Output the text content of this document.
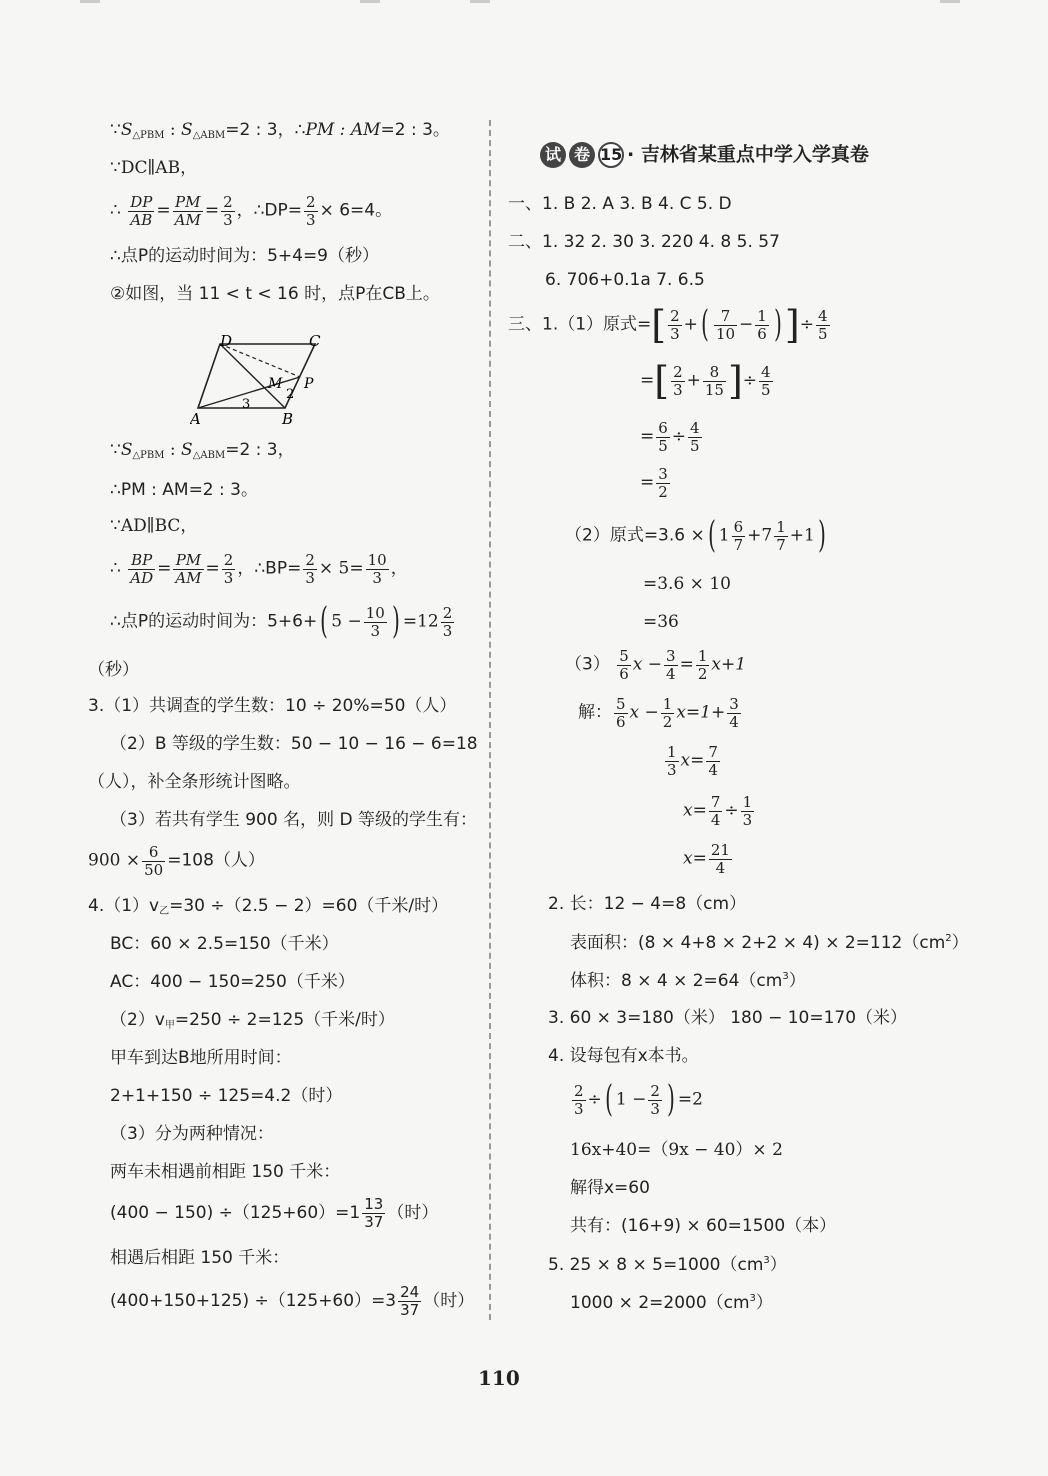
$\because S_{\triangle PBM}$ : $S_{\triangle ABM}=2$ : 3，∴PM : AM=2 : 3。
∵DC∥AB，
∴ $\frac{DP}{AB} = \frac{PM}{AM} = \frac{2}{3}$ ，∴DP= $\frac{2}{3} \times 6=4$。
∴点P的运动时间为：5+4=9（秒）
②如图，当 11 < t < 16 时，点P在CB上。
D	C
A	B
M P
2
3
$\because S_{\triangle PBM}$ : $S_{\triangle ABM}=2$ : 3，
∴PM : AM=2 : 3。
∵AD∥BC，
∴ $\frac{BP}{AD} = \frac{PM}{AM} = \frac{2}{3}$ ，∴BP= $\frac{2}{3} \times 5= \frac{10}{3}$ ，
∴点P的运动时间为：5+6+( $5 - \frac{10}{3}$ ) $=12 \frac{2}{3}$
（秒）
3.（1）共调查的学生数：10 ÷ 20%=50（人）
（2）B 等级的学生数：50 − 10 − 16 − 6=18
（人），补全条形统计图略。
（3）若共有学生 900 名，则 D 等级的学生有：
$900 \times \frac{6}{50} =108$（人）
$4.(1)v_乙=30 \div(2.5 - 2)=60$（千米/时）
BC：60 × 2.5=150（千米）
AC：400 − 150=250（千米）
$(2)v_甲=250 \div 2=125$（千米/时）
甲车到达B地所用时间：
2+1+150 ÷ 125=4.2（时）
（3）分为两种情况：
两车未相遇前相距 150 千米：
$(400 - 150) \div(125+60)=1 \frac{13}{37}$ （时）
相遇后相距 150 千米：
$(400+150+125) \div(125+60)=3 \frac{24}{37}$ （时）
试 卷 15 · 吉林省某重点中学入学真卷
一、1. B 2. A 3. B 4. C 5. D
二、1. 32 2. 30 3. 220 4. 8 5. 57
6. 706+0.1a 7. 6.5
三、1.（1）原式=[ $\frac{2}{3}$ +( $\frac{7}{10} - \frac{1}{6}$ )]÷ $\frac{4}{5}$
=[ $\frac{2}{3} + \frac{8}{15}$ ]÷ $\frac{4}{5}$
= $\frac{6}{5} \div \frac{4}{5}$
= $\frac{3}{2}$
（2）原式=3.6 ×( $1 \frac{6}{7} +7 \frac{1}{7} +1$)
=3.6 × 10
=36
$(3) \frac{5}{6}$ $x - \frac{3}{4} = \frac{1}{2} x+1$
解： $\frac{5}{6}$ $x - \frac{1}{2} x=1+ \frac{3}{4}$
$\frac{1}{3} x= \frac{7}{4}$
$x= \frac{7}{4} \div \frac{1}{3}$
$x= \frac{21}{4}$
2. 长：12 − 4=8（cm）
表面积：$(8 \times 4+8 \times 2+2 \times 4) \times 2=112(cm^2)$
体积：$8 \times 4 \times 2=64(cm^3)$
3. 60 × 3=180（米） 180 − 10=170（米）
4. 设每包有x本书。
$\frac{2}{3}$ ÷( $1 - \frac{2}{3}$ ) =2
16x+40=（9x − 40）× 2
解得x=60
共有：(16+9) × 60=1500（本）
5. $25 \times 8 \times 5=1000(cm^3)$
$1000 \times 2=2000(cm^3)$
110
